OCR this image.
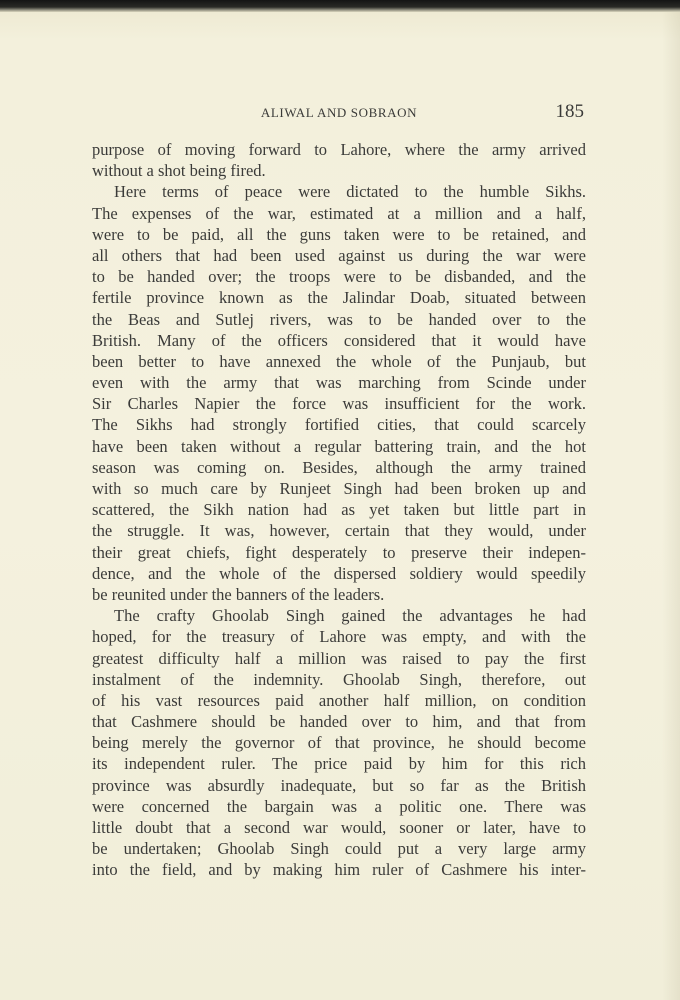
ALIWAL AND SOBRAON	185
purpose of moving forward to Lahore, where the army arrived
without a shot being fired.
Here terms of peace were dictated to the humble Sikhs.
The expenses of the war, estimated at a million and a half,
were to be paid, all the guns taken were to be retained, and
all others that had been used against us during the war were
to be handed over; the troops were to be disbanded, and the
fertile province known as the Jalindar Doab, situated between
the Beas and Sutlej rivers, was to be handed over to the
British. Many of the officers considered that it would have
been better to have annexed the whole of the Punjaub, but
even with the army that was marching from Scinde under
Sir Charles Napier the force was insufficient for the work.
The Sikhs had strongly fortified cities, that could scarcely
have been taken without a regular battering train, and the hot
season was coming on. Besides, although the army trained
with so much care by Runjeet Singh had been broken up and
scattered, the Sikh nation had as yet taken but little part in
the struggle. It was, however, certain that they would, under
their great chiefs, fight desperately to preserve their indepen-
dence, and the whole of the dispersed soldiery would speedily
be reunited under the banners of the leaders.
The crafty Ghoolab Singh gained the advantages he had
hoped, for the treasury of Lahore was empty, and with the
greatest difficulty half a million was raised to pay the first
instalment of the indemnity. Ghoolab Singh, therefore, out
of his vast resources paid another half million, on condition
that Cashmere should be handed over to him, and that from
being merely the governor of that province, he should become
its independent ruler. The price paid by him for this rich
province was absurdly inadequate, but so far as the British
were concerned the bargain was a politic one. There was
little doubt that a second war would, sooner or later, have to
be undertaken; Ghoolab Singh could put a very large army
into the field, and by making him ruler of Cashmere his inter-
